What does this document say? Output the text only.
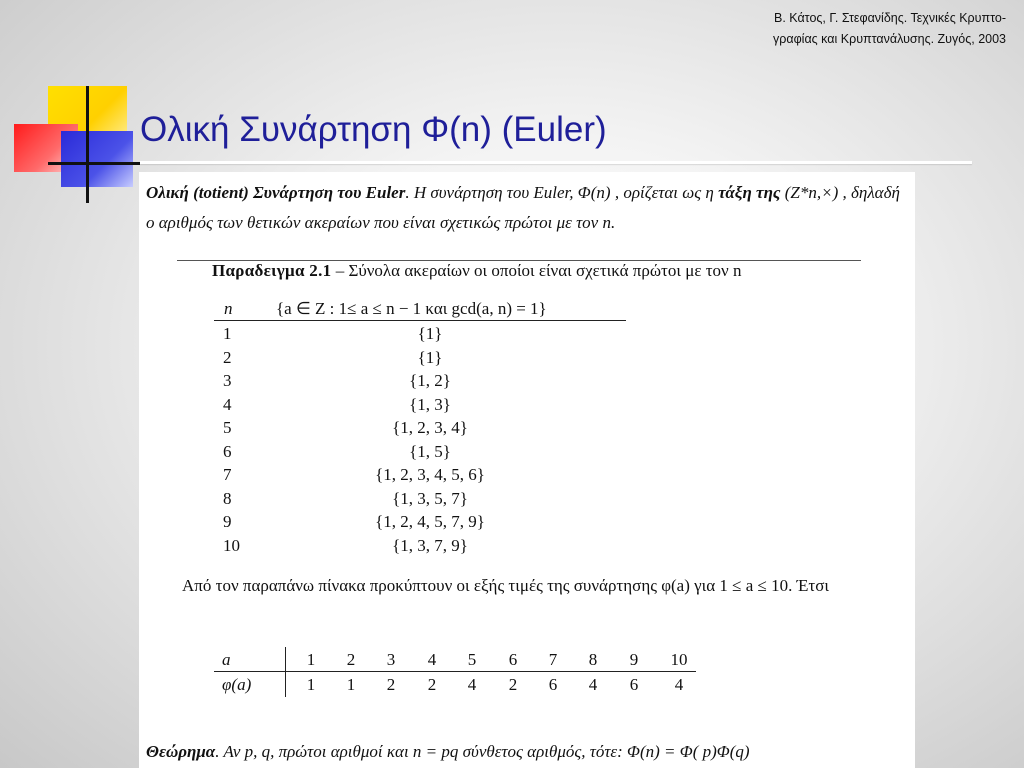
Β. Κάτος, Γ. Στεφανίδης. Τεχνικές Κρυπτο-
γραφίας και Κρυπτανάλυσης. Ζυγός, 2003
Ολική Συνάρτηση Φ(n) (Euler)
Ολική (totient) Συνάρτηση του Euler. Η συνάρτηση του Euler, Φ(n) , ορίζεται ως η τάξη της (Z*n,×) , δηλαδή ο αριθμός των θετικών ακεραίων που είναι σχετικώς πρώτοι με τον n.
Παραδειγμα 2.1 – Σύνολα ακεραίων οι οποίοι είναι σχετικά πρώτοι με τον n
n	{a ∈ Z : 1≤ a ≤ n − 1 και gcd(a, n) = 1}
1	{1}
2	{1}
3	{1, 2}
4	{1, 3}
5	{1, 2, 3, 4}
6	{1, 5}
7	{1, 2, 3, 4, 5, 6}
8	{1, 3, 5, 7}
9	{1, 2, 4, 5, 7, 9}
10	{1, 3, 7, 9}
Από τον παραπάνω πίνακα προκύπτουν οι εξής τιμές της συνάρτησης φ(a) για 1 ≤ a ≤ 10. Έτσι
a	1	2	3	4	5	6	7	8	9	10
φ(a)	1	1	2	2	4	2	6	4	6	4
Θεώρημα. Αν p, q, πρώτοι αριθμοί και n = pq σύνθετος αριθμός, τότε: Φ(n) = Φ( p)Φ(q)
